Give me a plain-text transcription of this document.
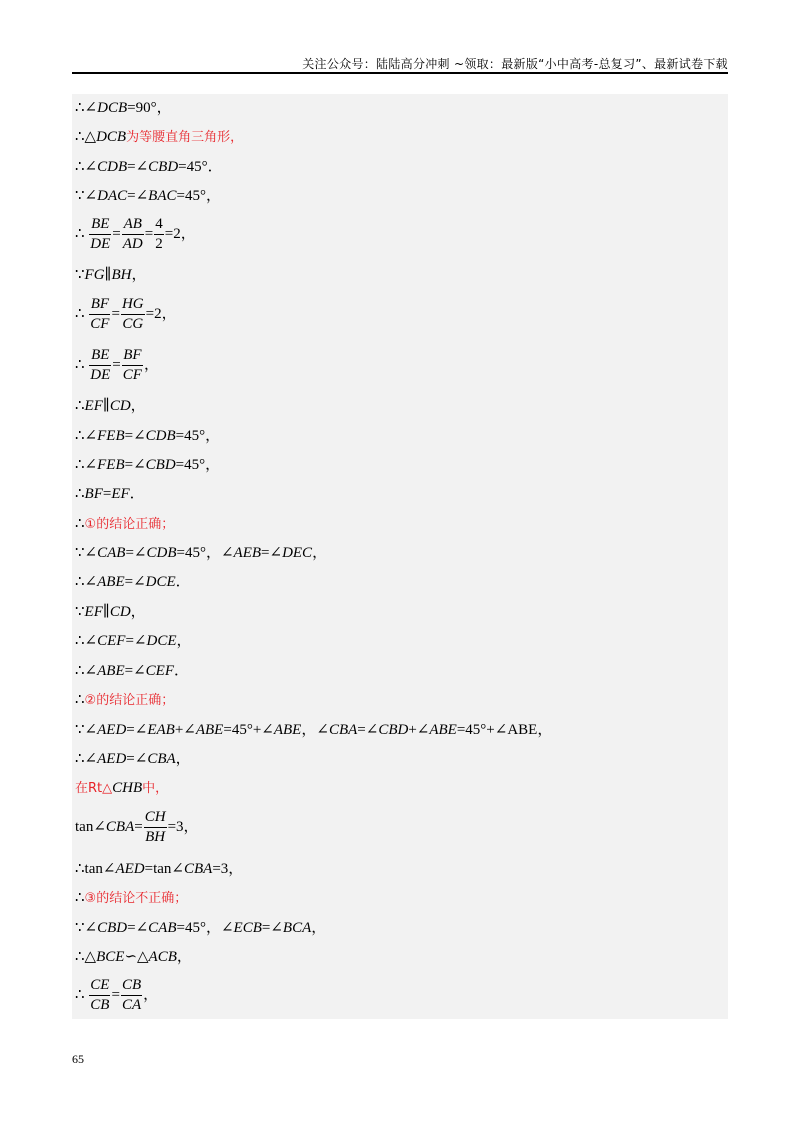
关注公众号：陆陆高分冲刺 ~领取：最新版“小中高考-总复习”、最新试卷下载
∴∠DCB=90°，
∴△DCB为等腰直角三角形，
∴∠CDB=∠CBD=45°．
∵∠DAC=∠BAC=45°，
∴ $\frac{BE}{DE} = \frac{AB}{AD} = \frac{4}{2} =2$，
∵FG∥BH，
∴ $\frac{BF}{CF} = \frac{HG}{CG} =2$，
∴ $\frac{BE}{DE} = \frac{BF}{CF}$ ，
∴EF∥CD，
∴∠FEB=∠CDB=45°，
∴∠FEB=∠CBD=45°，
∴BF=EF．
∴①的结论正确；
∵∠CAB=∠CDB=45°，∠AEB=∠DEC，
∴∠ABE=∠DCE．
∵EF∥CD，
∴∠CEF=∠DCE，
∴∠ABE=∠CEF．
∴②的结论正确；
∵∠AED=∠EAB+∠ABE=45°+∠ABE，∠CBA=∠CBD+∠ABE=45°+∠ABE，
∴∠AED=∠CBA，
在Rt△CHB中，
tan∠CBA= $\frac{CH}{BH} =3$，
∴tan∠AED=tan∠CBA=3，
∴③的结论不正确；
∵∠CBD=∠CAB=45°，∠ECB=∠BCA，
∴△BCE∽△ACB，
∴ $\frac{CE}{CB} = \frac{CB}{CA}$ ，
65
